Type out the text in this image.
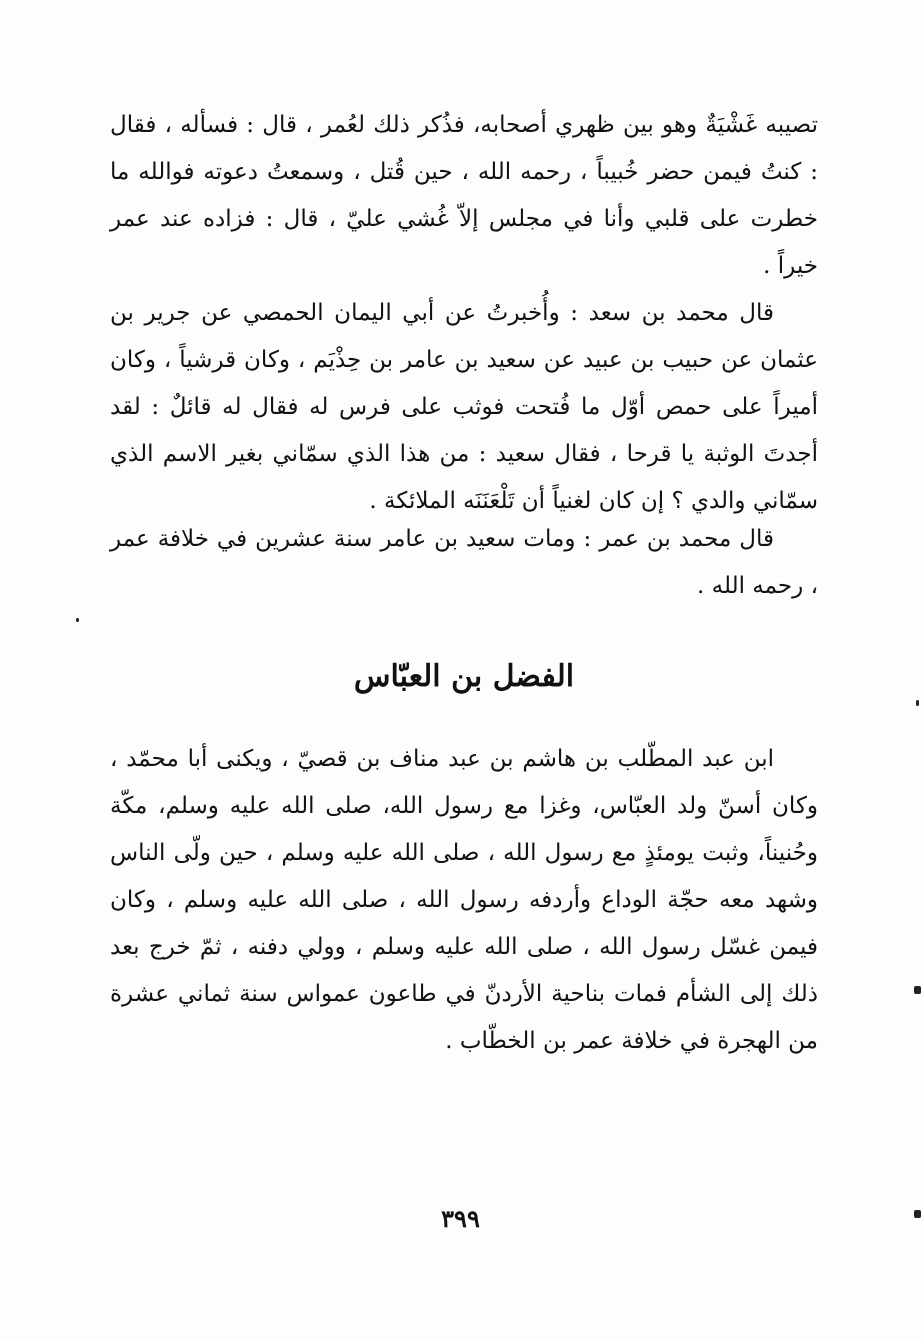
تصيبه غَشْيَةٌ وهو بين ظهري أصحابه، فذُكر ذلك لعُمر ، قال : فسأله ، فقال : كنتُ فيمن حضر خُبيباً ، رحمه الله ، حين قُتل ، وسمعتُ دعوته فوالله ما خطرت على قلبي وأنا في مجلس إلاّ غُشي عليّ ، قال : فزاده عند عمر خيراً .

قال محمد بن سعد : وأُخبرتُ عن أبي اليمان الحمصي عن جرير بن عثمان عن حبيب بن عبيد عن سعيد بن عامر بن حِذْيَم ، وكان قرشياً ، وكان أميراً على حمص أوّل ما فُتحت فوثب على فرس له فقال له قائلٌ : لقد أجدتَ الوثبة يا قرحا ، فقال سعيد : من هذا الذي سمّاني بغير الاسم الذي سمّاني والدي ؟ إن كان لغنياً أن تَلْعَنَنَه الملائكة .

قال محمد بن عمر : ومات سعيد بن عامر سنة عشرين في خلافة عمر ، رحمه الله .

الفضل بن العبّاس

ابن عبد المطّلب بن هاشم بن عبد مناف بن قصيّ ، ويكنى أبا محمّد ، وكان أسنّ ولد العبّاس، وغزا مع رسول الله، صلى الله عليه وسلم، مكّة وحُنيناً، وثبت يومئذٍ مع رسول الله ، صلى الله عليه وسلم ، حين ولّى الناس وشهد معه حجّة الوداع وأردفه رسول الله ، صلى الله عليه وسلم ، وكان فيمن غسّل رسول الله ، صلى الله عليه وسلم ، وولي دفنه ، ثمّ خرج بعد ذلك إلى الشأم فمات بناحية الأردنّ في طاعون عمواس سنة ثماني عشرة من الهجرة في خلافة عمر بن الخطّاب .

٣٩٩
